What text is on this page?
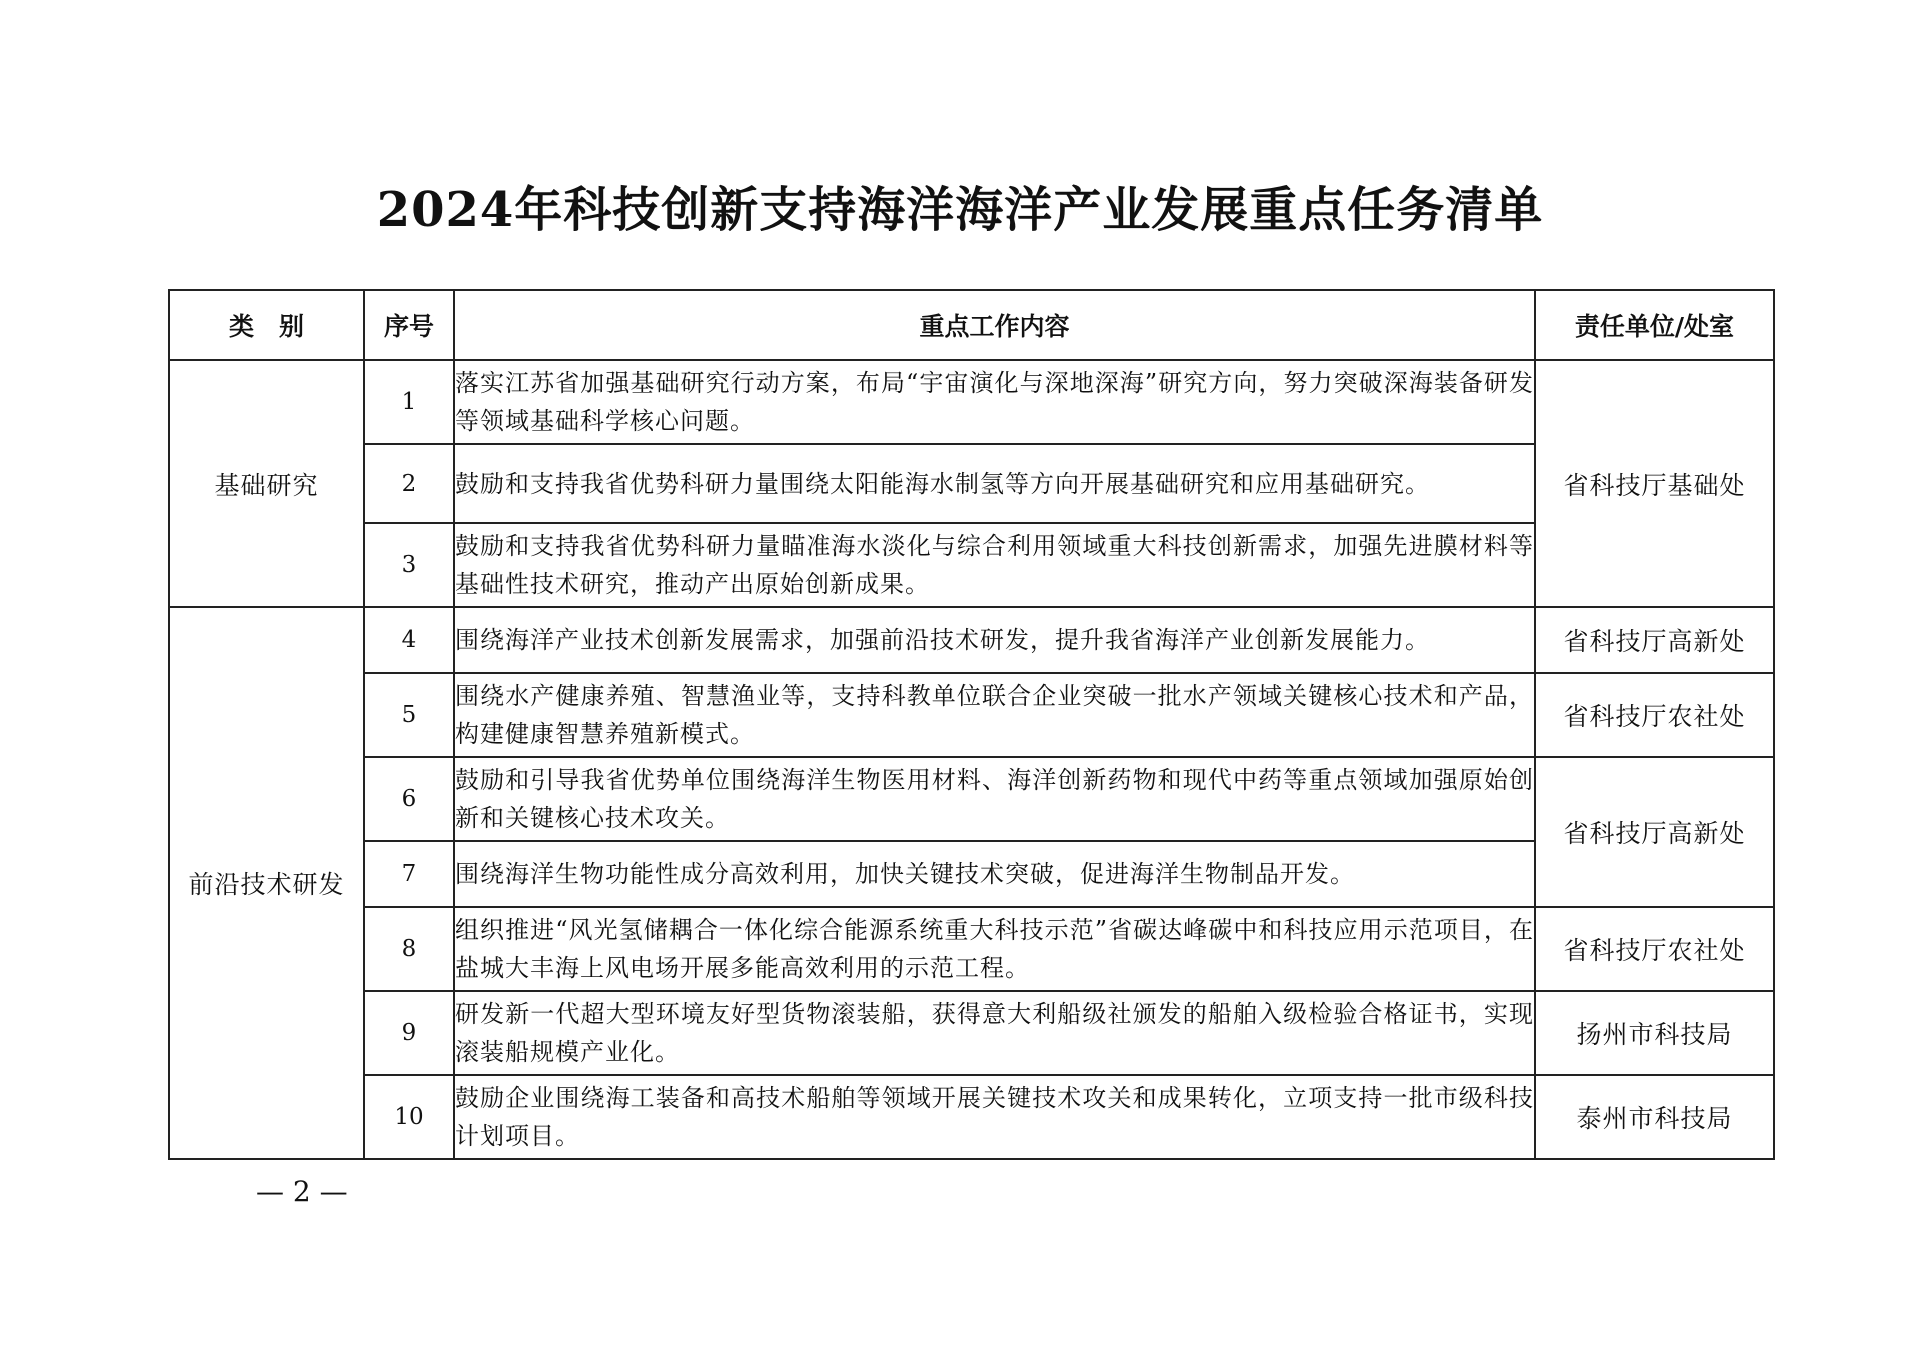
2024年科技创新支持海洋海洋产业发展重点任务清单
类　别	序号	重点工作内容	责任单位/处室
基础研究	1	落实江苏省加强基础研究行动方案，布局“宇宙演化与深地深海”研究方向，努力突破深海装备研发等领域基础科学核心问题。	省科技厅基础处
	2	鼓励和支持我省优势科研力量围绕太阳能海水制氢等方向开展基础研究和应用基础研究。	
	3	鼓励和支持我省优势科研力量瞄准海水淡化与综合利用领域重大科技创新需求，加强先进膜材料等基础性技术研究，推动产出原始创新成果。	
前沿技术研发	4	围绕海洋产业技术创新发展需求，加强前沿技术研发，提升我省海洋产业创新发展能力。	省科技厅高新处
	5	围绕水产健康养殖、智慧渔业等，支持科教单位联合企业突破一批水产领域关键核心技术和产品，构建健康智慧养殖新模式。	省科技厅农社处
	6	鼓励和引导我省优势单位围绕海洋生物医用材料、海洋创新药物和现代中药等重点领域加强原始创新和关键核心技术攻关。	省科技厅高新处
	7	围绕海洋生物功能性成分高效利用，加快关键技术突破，促进海洋生物制品开发。	
	8	组织推进“风光氢储耦合一体化综合能源系统重大科技示范”省碳达峰碳中和科技应用示范项目，在盐城大丰海上风电场开展多能高效利用的示范工程。	省科技厅农社处
	9	研发新一代超大型环境友好型货物滚装船，获得意大利船级社颁发的船舶入级检验合格证书，实现滚装船规模产业化。	扬州市科技局
	10	鼓励企业围绕海工装备和高技术船舶等领域开展关键技术攻关和成果转化，立项支持一批市级科技计划项目。	泰州市科技局
— 2 —
